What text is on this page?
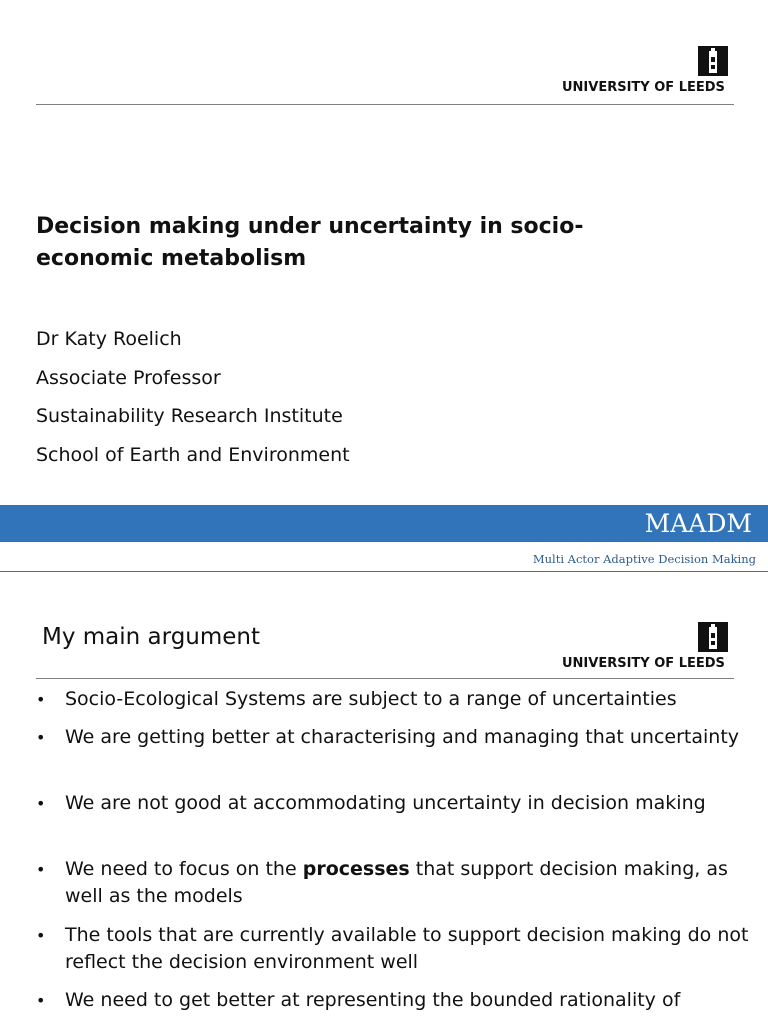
UNIVERSITY OF LEEDS
Decision making under uncertainty in socio-economic metabolism
Dr Katy Roelich
Associate Professor
Sustainability Research Institute
School of Earth and Environment
MAADM
Multi Actor Adaptive Decision Making
My main argument
UNIVERSITY OF LEEDS
• Socio-Ecological Systems are subject to a range of uncertainties
• We are getting better at characterising and managing that uncertainty
• We are not good at accommodating uncertainty in decision making
• We need to focus on the processes that support decision making, as well as the models
• The tools that are currently available to support decision making do not reflect the decision environment well
• We need to get better at representing the bounded rationality of
